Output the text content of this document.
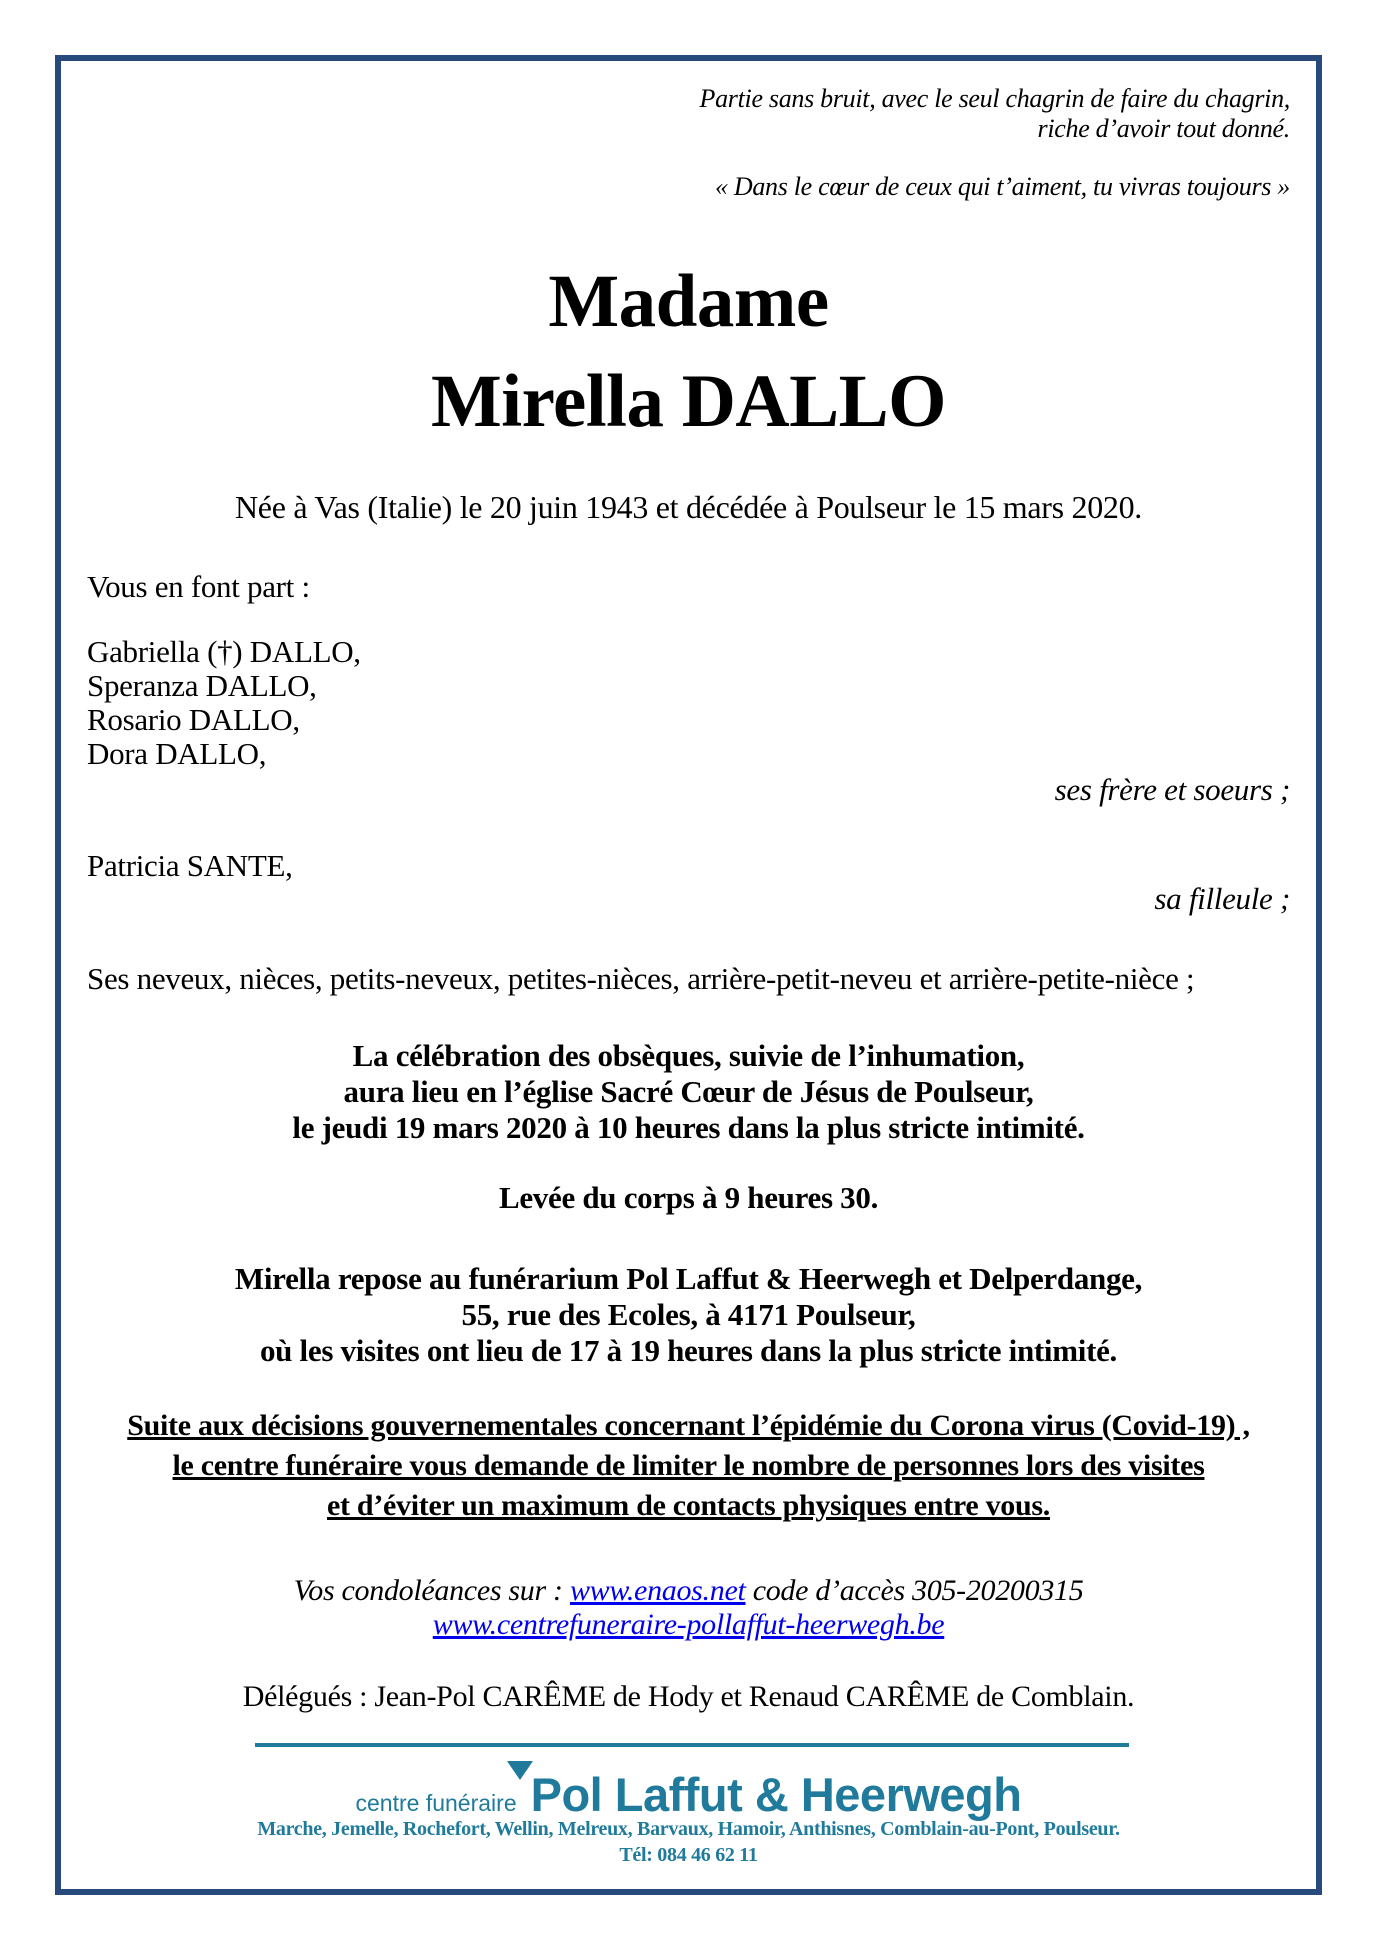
Partie sans bruit, avec le seul chagrin de faire du chagrin,
riche d’avoir tout donné.
« Dans le cœur de ceux qui t’aiment, tu vivras toujours »
Madame
Mirella DALLO
Née à Vas (Italie) le 20 juin 1943 et décédée à Poulseur le 15 mars 2020.
Vous en font part :
Gabriella (†) DALLO,
Speranza DALLO,
Rosario DALLO,
Dora DALLO,
ses frère et soeurs ;
Patricia SANTE,
sa filleule ;
Ses neveux, nièces, petits-neveux, petites-nièces, arrière-petit-neveu et arrière-petite-nièce ;
La célébration des obsèques, suivie de l’inhumation,
aura lieu en l’église Sacré Cœur de Jésus de Poulseur,
le jeudi 19 mars 2020 à 10 heures dans la plus stricte intimité.
Levée du corps à 9 heures 30.
Mirella repose au funérarium Pol Laffut & Heerwegh et Delperdange,
55, rue des Ecoles, à 4171 Poulseur,
où les visites ont lieu de 17 à 19 heures dans la plus stricte intimité.
Suite aux décisions gouvernementales concernant l’épidémie du Corona virus (Covid-19) ,
le centre funéraire vous demande de limiter le nombre de personnes lors des visites
et d’éviter un maximum de contacts physiques entre vous.
Vos condoléances sur : www.enaos.net code d’accès 305-20200315
www.centrefuneraire-pollaffut-heerwegh.be
Délégués : Jean-Pol CARÊME de Hody et Renaud CARÊME de Comblain.
centre funéraire Pol Laffut & Heerwegh
Marche, Jemelle, Rochefort, Wellin, Melreux, Barvaux, Hamoir, Anthisnes, Comblain-au-Pont, Poulseur.
Tél: 084 46 62 11
